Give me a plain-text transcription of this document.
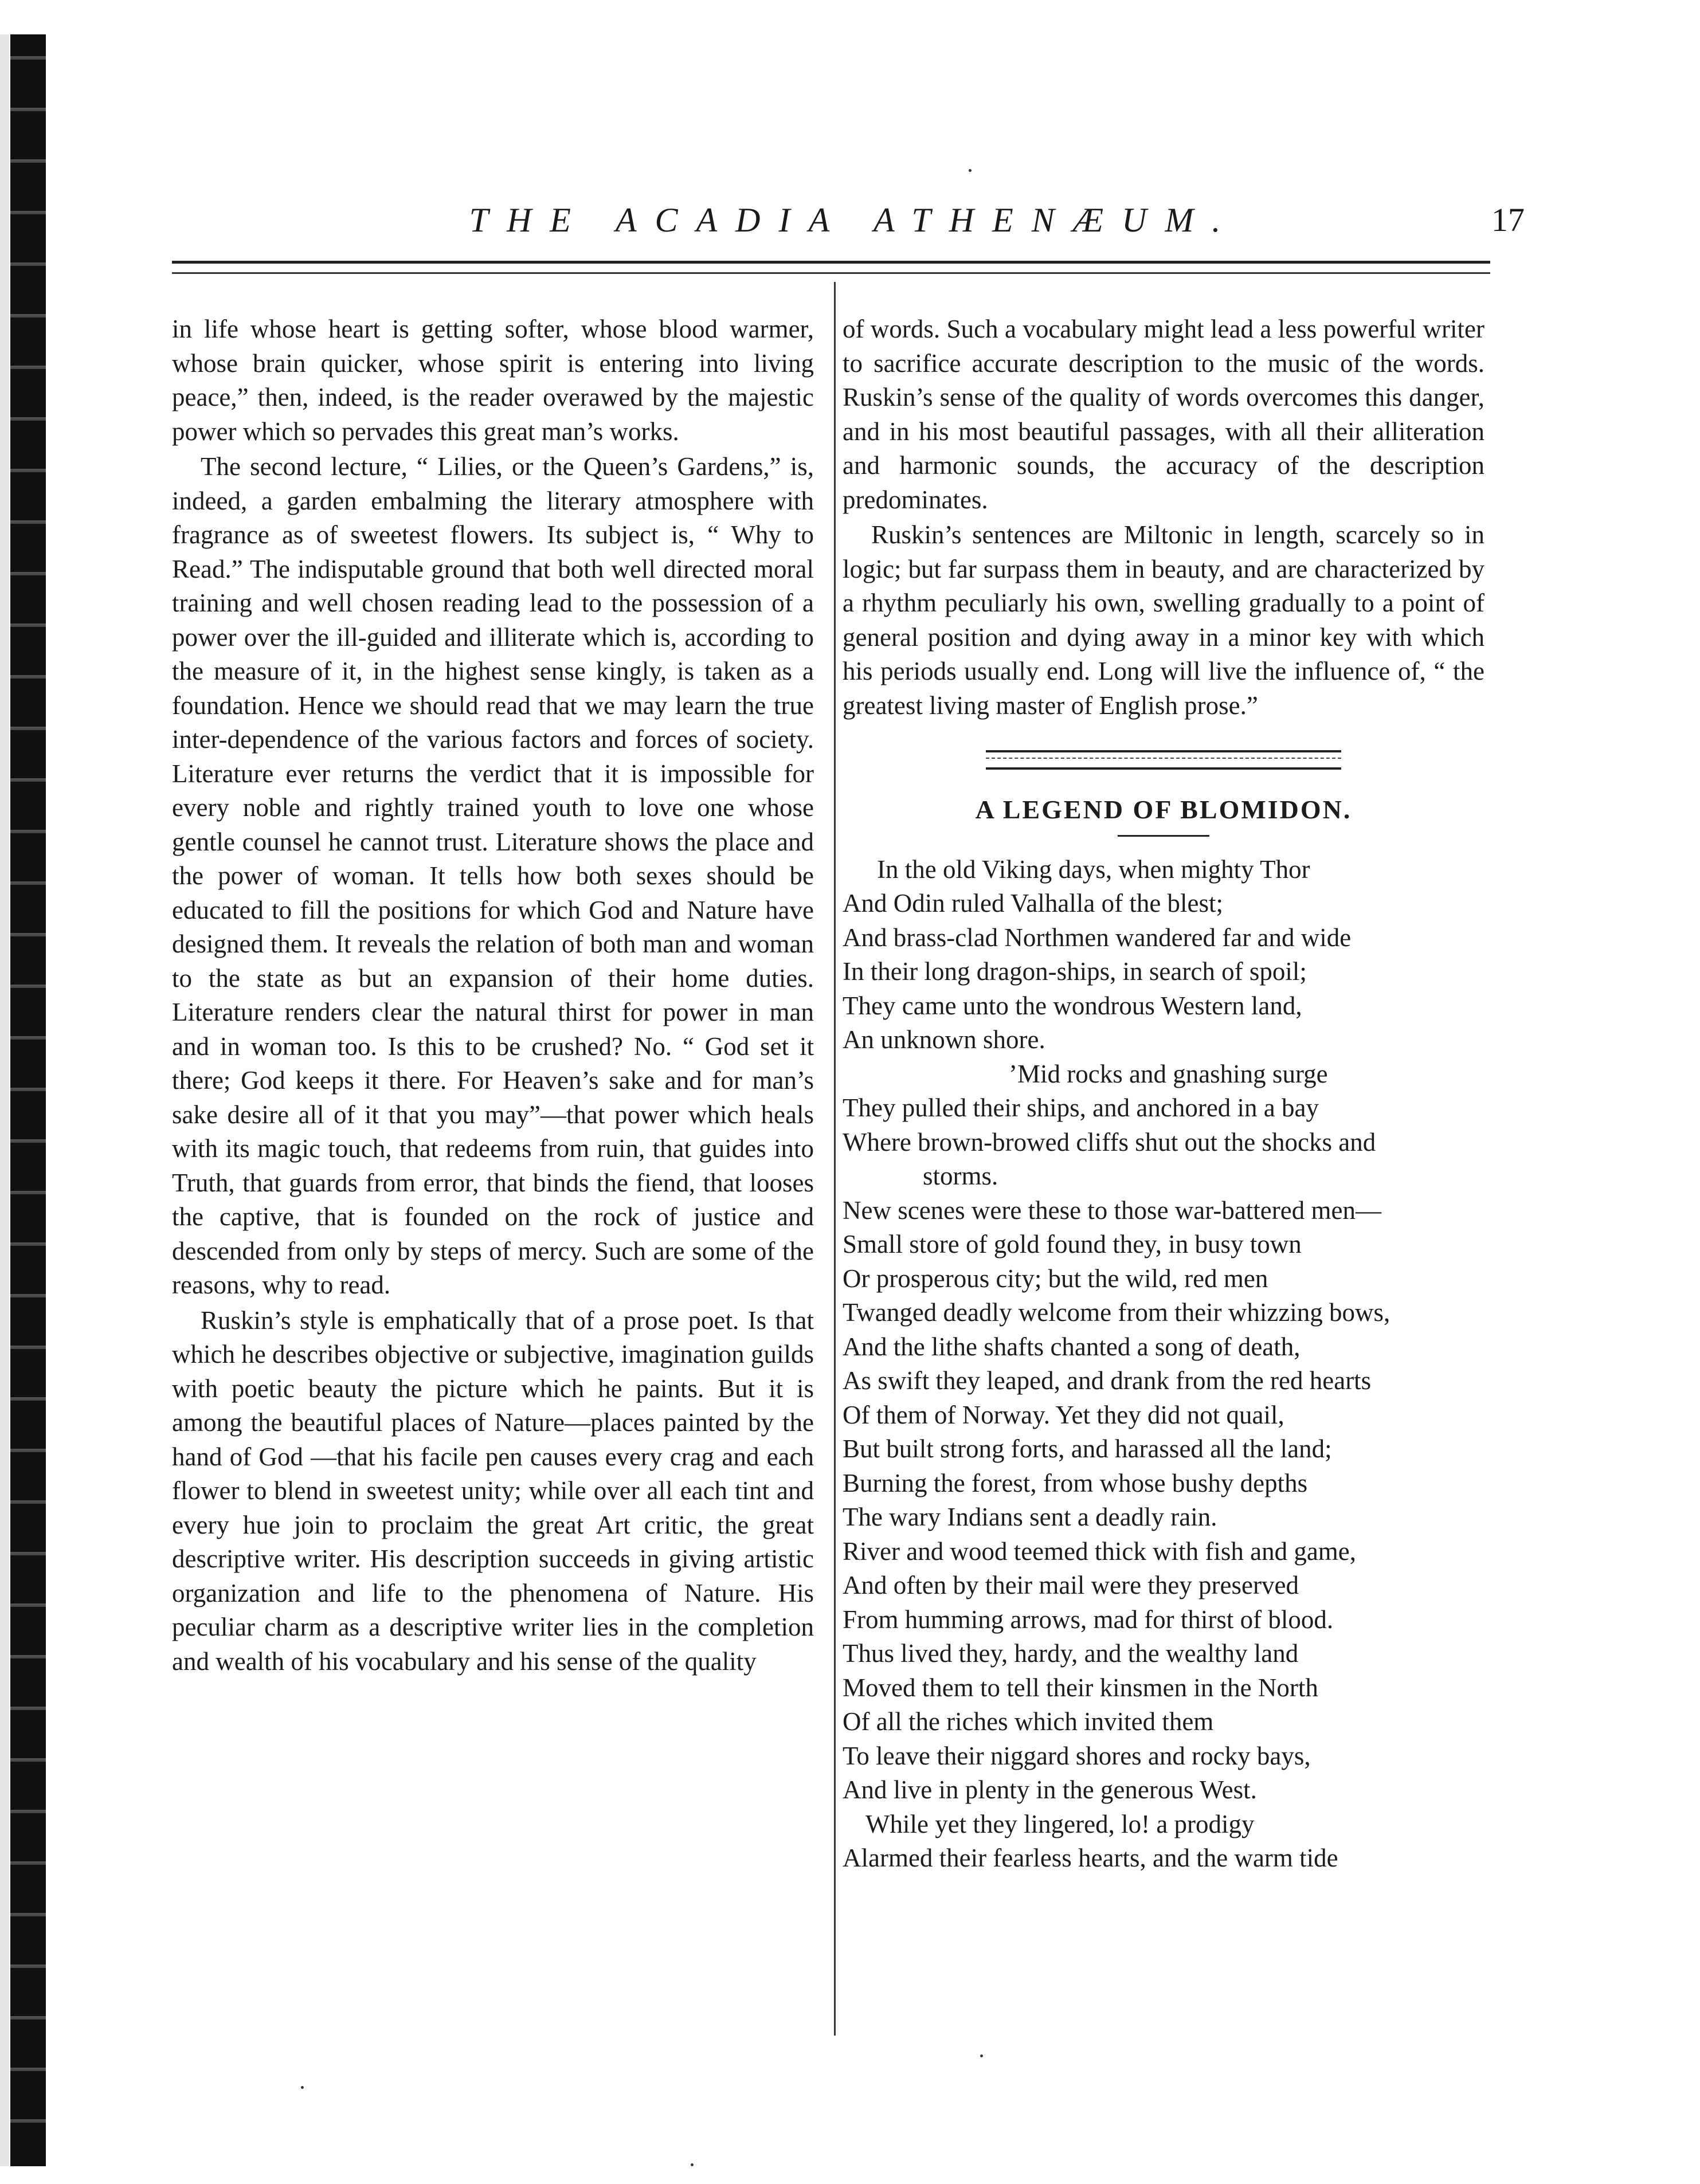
THE ACADIA ATHENÆUM.	17

in life whose heart is getting softer, whose blood warmer, whose brain quicker, whose spirit is entering into living peace,” then, indeed, is the reader overawed by the majestic power which so pervades this great man’s works.

The second lecture, “ Lilies, or the Queen’s Gardens,” is, indeed, a garden embalming the literary atmosphere with fragrance as of sweetest flowers. Its subject is, “ Why to Read.” The indisputable ground that both well directed moral training and well chosen reading lead to the possession of a power over the ill-guided and illiterate which is, according to the measure of it, in the highest sense kingly, is taken as a foundation. Hence we should read that we may learn the true inter-dependence of the various factors and forces of society. Literature ever returns the verdict that it is impossible for every noble and rightly trained youth to love one whose gentle counsel he cannot trust. Literature shows the place and the power of woman. It tells how both sexes should be educated to fill the positions for which God and Nature have designed them. It reveals the relation of both man and woman to the state as but an expansion of their home duties. Literature renders clear the natural thirst for power in man and in woman too. Is this to be crushed? No. “ God set it there; God keeps it there. For Heaven’s sake and for man’s sake desire all of it that you may”—that power which heals with its magic touch, that redeems from ruin, that guides into Truth, that guards from error, that binds the fiend, that looses the captive, that is founded on the rock of justice and descended from only by steps of mercy. Such are some of the reasons, why to read.

Ruskin’s style is emphatically that of a prose poet. Is that which he describes objective or subjective, imagination guilds with poetic beauty the picture which he paints. But it is among the beautiful places of Nature—places painted by the hand of God —that his facile pen causes every crag and each flower to blend in sweetest unity; while over all each tint and every hue join to proclaim the great Art critic, the great descriptive writer. His description succeeds in giving artistic organization and life to the phenomena of Nature. His peculiar charm as a descriptive writer lies in the completion and wealth of his vocabulary and his sense of the quality

of words. Such a vocabulary might lead a less powerful writer to sacrifice accurate description to the music of the words. Ruskin’s sense of the quality of words overcomes this danger, and in his most beautiful passages, with all their alliteration and harmonic sounds, the accuracy of the description predominates.

Ruskin’s sentences are Miltonic in length, scarcely so in logic; but far surpass them in beauty, and are characterized by a rhythm peculiarly his own, swelling gradually to a point of general position and dying away in a minor key with which his periods usually end. Long will live the influence of, “ the greatest living master of English prose.”

A LEGEND OF BLOMIDON.

In the old Viking days, when mighty Thor

And Odin ruled Valhalla of the blest;

And brass-clad Northmen wandered far and wide

In their long dragon-ships, in search of spoil;

They came unto the wondrous Western land,

An unknown shore.

’Mid rocks and gnashing surge

They pulled their ships, and anchored in a bay

Where brown-browed cliffs shut out the shocks and

storms.

New scenes were these to those war-battered men—

Small store of gold found they, in busy town

Or prosperous city; but the wild, red men

Twanged deadly welcome from their whizzing bows,

And the lithe shafts chanted a song of death,

As swift they leaped, and drank from the red hearts

Of them of Norway. Yet they did not quail,

But built strong forts, and harassed all the land;

Burning the forest, from whose bushy depths

The wary Indians sent a deadly rain.

River and wood teemed thick with fish and game,

And often by their mail were they preserved

From humming arrows, mad for thirst of blood.

Thus lived they, hardy, and the wealthy land

Moved them to tell their kinsmen in the North

Of all the riches which invited them

To leave their niggard shores and rocky bays,

And live in plenty in the generous West.

While yet they lingered, lo! a prodigy

Alarmed their fearless hearts, and the warm tide
